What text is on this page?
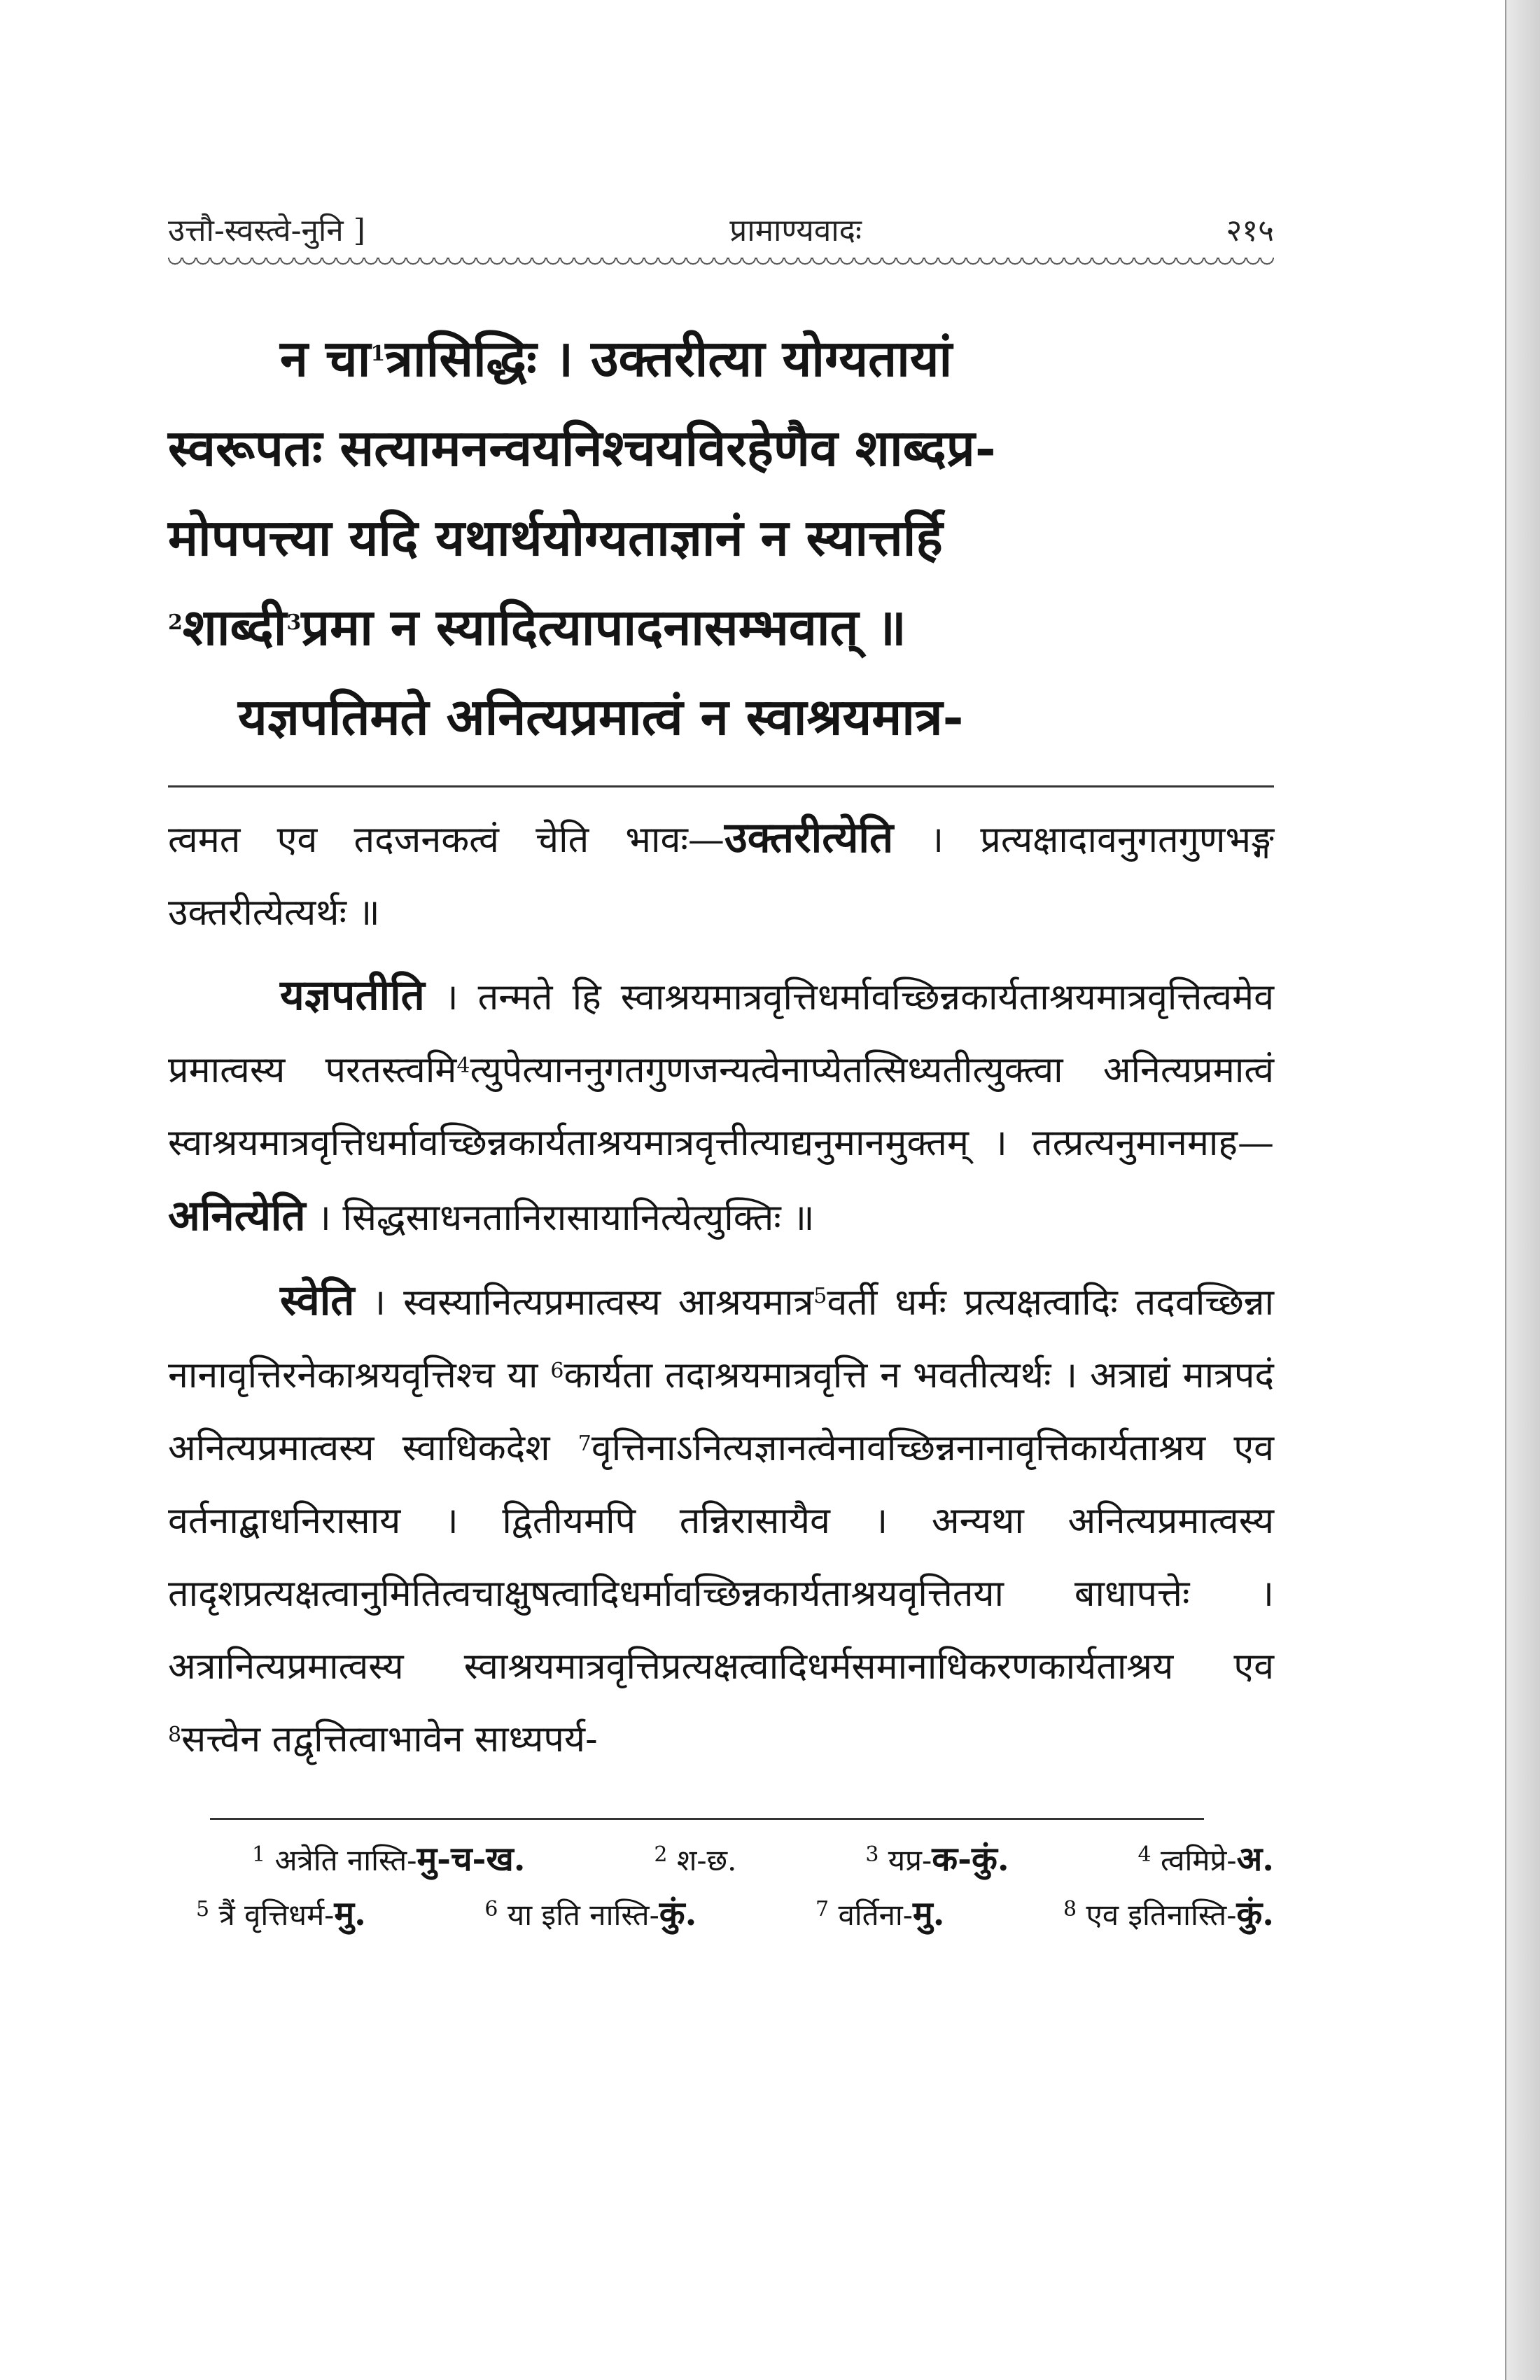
उत्तौ-स्वस्त्वे-नुनि ]	प्रामाण्यवादः	२१५

न चा$^1$त्रासिद्धिः । उक्तरीत्या योग्यतायां

स्वरूपतः सत्यामनन्वयनिश्चयविरहेणैव शाब्दप्र-

मोपपत्त्या यदि यथार्थयोग्यताज्ञानं न स्यात्तर्हि

$^2$शाब्दी$^3$प्रमा न स्यादित्यापादनासम्भवात् ॥

यज्ञपतिमते अनित्यप्रमात्वं न स्वाश्रयमात्र-

त्वमत एव तदजनकत्वं चेति भावः—उक्तरीत्येति । प्रत्यक्षादावनुगतगुणभङ्ग उक्तरीत्येत्यर्थः ॥

यज्ञपतीति । तन्मते हि स्वाश्रयमात्रवृत्तिधर्मावच्छिन्नकार्यताश्रयमात्रवृत्तित्वमेव प्रमात्वस्य परतस्त्वमि$^4$त्युपेत्याननुगतगुणजन्यत्वेनाप्येतत्सिध्यतीत्युक्त्वा अनित्यप्रमात्वं स्वाश्रयमात्रवृत्तिधर्मावच्छिन्नकार्यताश्रयमात्रवृत्तीत्याद्यनुमानमुक्तम् । तत्प्रत्यनुमानमाह—अनित्येति । सिद्धसाधनतानिरासायानित्येत्युक्तिः ॥

स्वेति । स्वस्यानित्यप्रमात्वस्य आश्रयमात्र$^5$वर्ती धर्मः प्रत्यक्षत्वादिः तदवच्छिन्ना नानावृत्तिरनेकाश्रयवृत्तिश्च या $^6$कार्यता तदाश्रयमात्रवृत्ति न भवतीत्यर्थः । अत्राद्यं मात्रपदं अनित्यप्रमात्वस्य स्वाधिकदेश $^7$वृत्तिनाऽनित्यज्ञानत्वेनावच्छिन्ननानावृत्तिकार्यताश्रय एव वर्तनाद्बाधनिरासाय । द्वितीयमपि तन्निरासायैव । अन्यथा अनित्यप्रमात्वस्य तादृशप्रत्यक्षत्वानुमितित्वचाक्षुषत्वादिधर्मावच्छिन्नकार्यताश्रयवृत्तितया बाधापत्तेः । अत्रानित्यप्रमात्वस्य स्वाश्रयमात्रवृत्तिप्रत्यक्षत्वादिधर्मसमानाधिकरणकार्यताश्रय एव $^8$सत्त्वेन तद्वृत्तित्वाभावेन साध्यपर्य-

$^1$ अत्रेति नास्ति-मु-च-ख.	$^2$ श-छ.	$^3$ यप्र-क-कुं.	$^4$ त्वमिप्रे-अ.
$^5$ त्रैं वृत्तिधर्म-मु.	$^6$ या इति नास्ति-कुं.	$^7$ वर्तिना-मु.	$^8$ एव इतिनास्ति-कुं.
